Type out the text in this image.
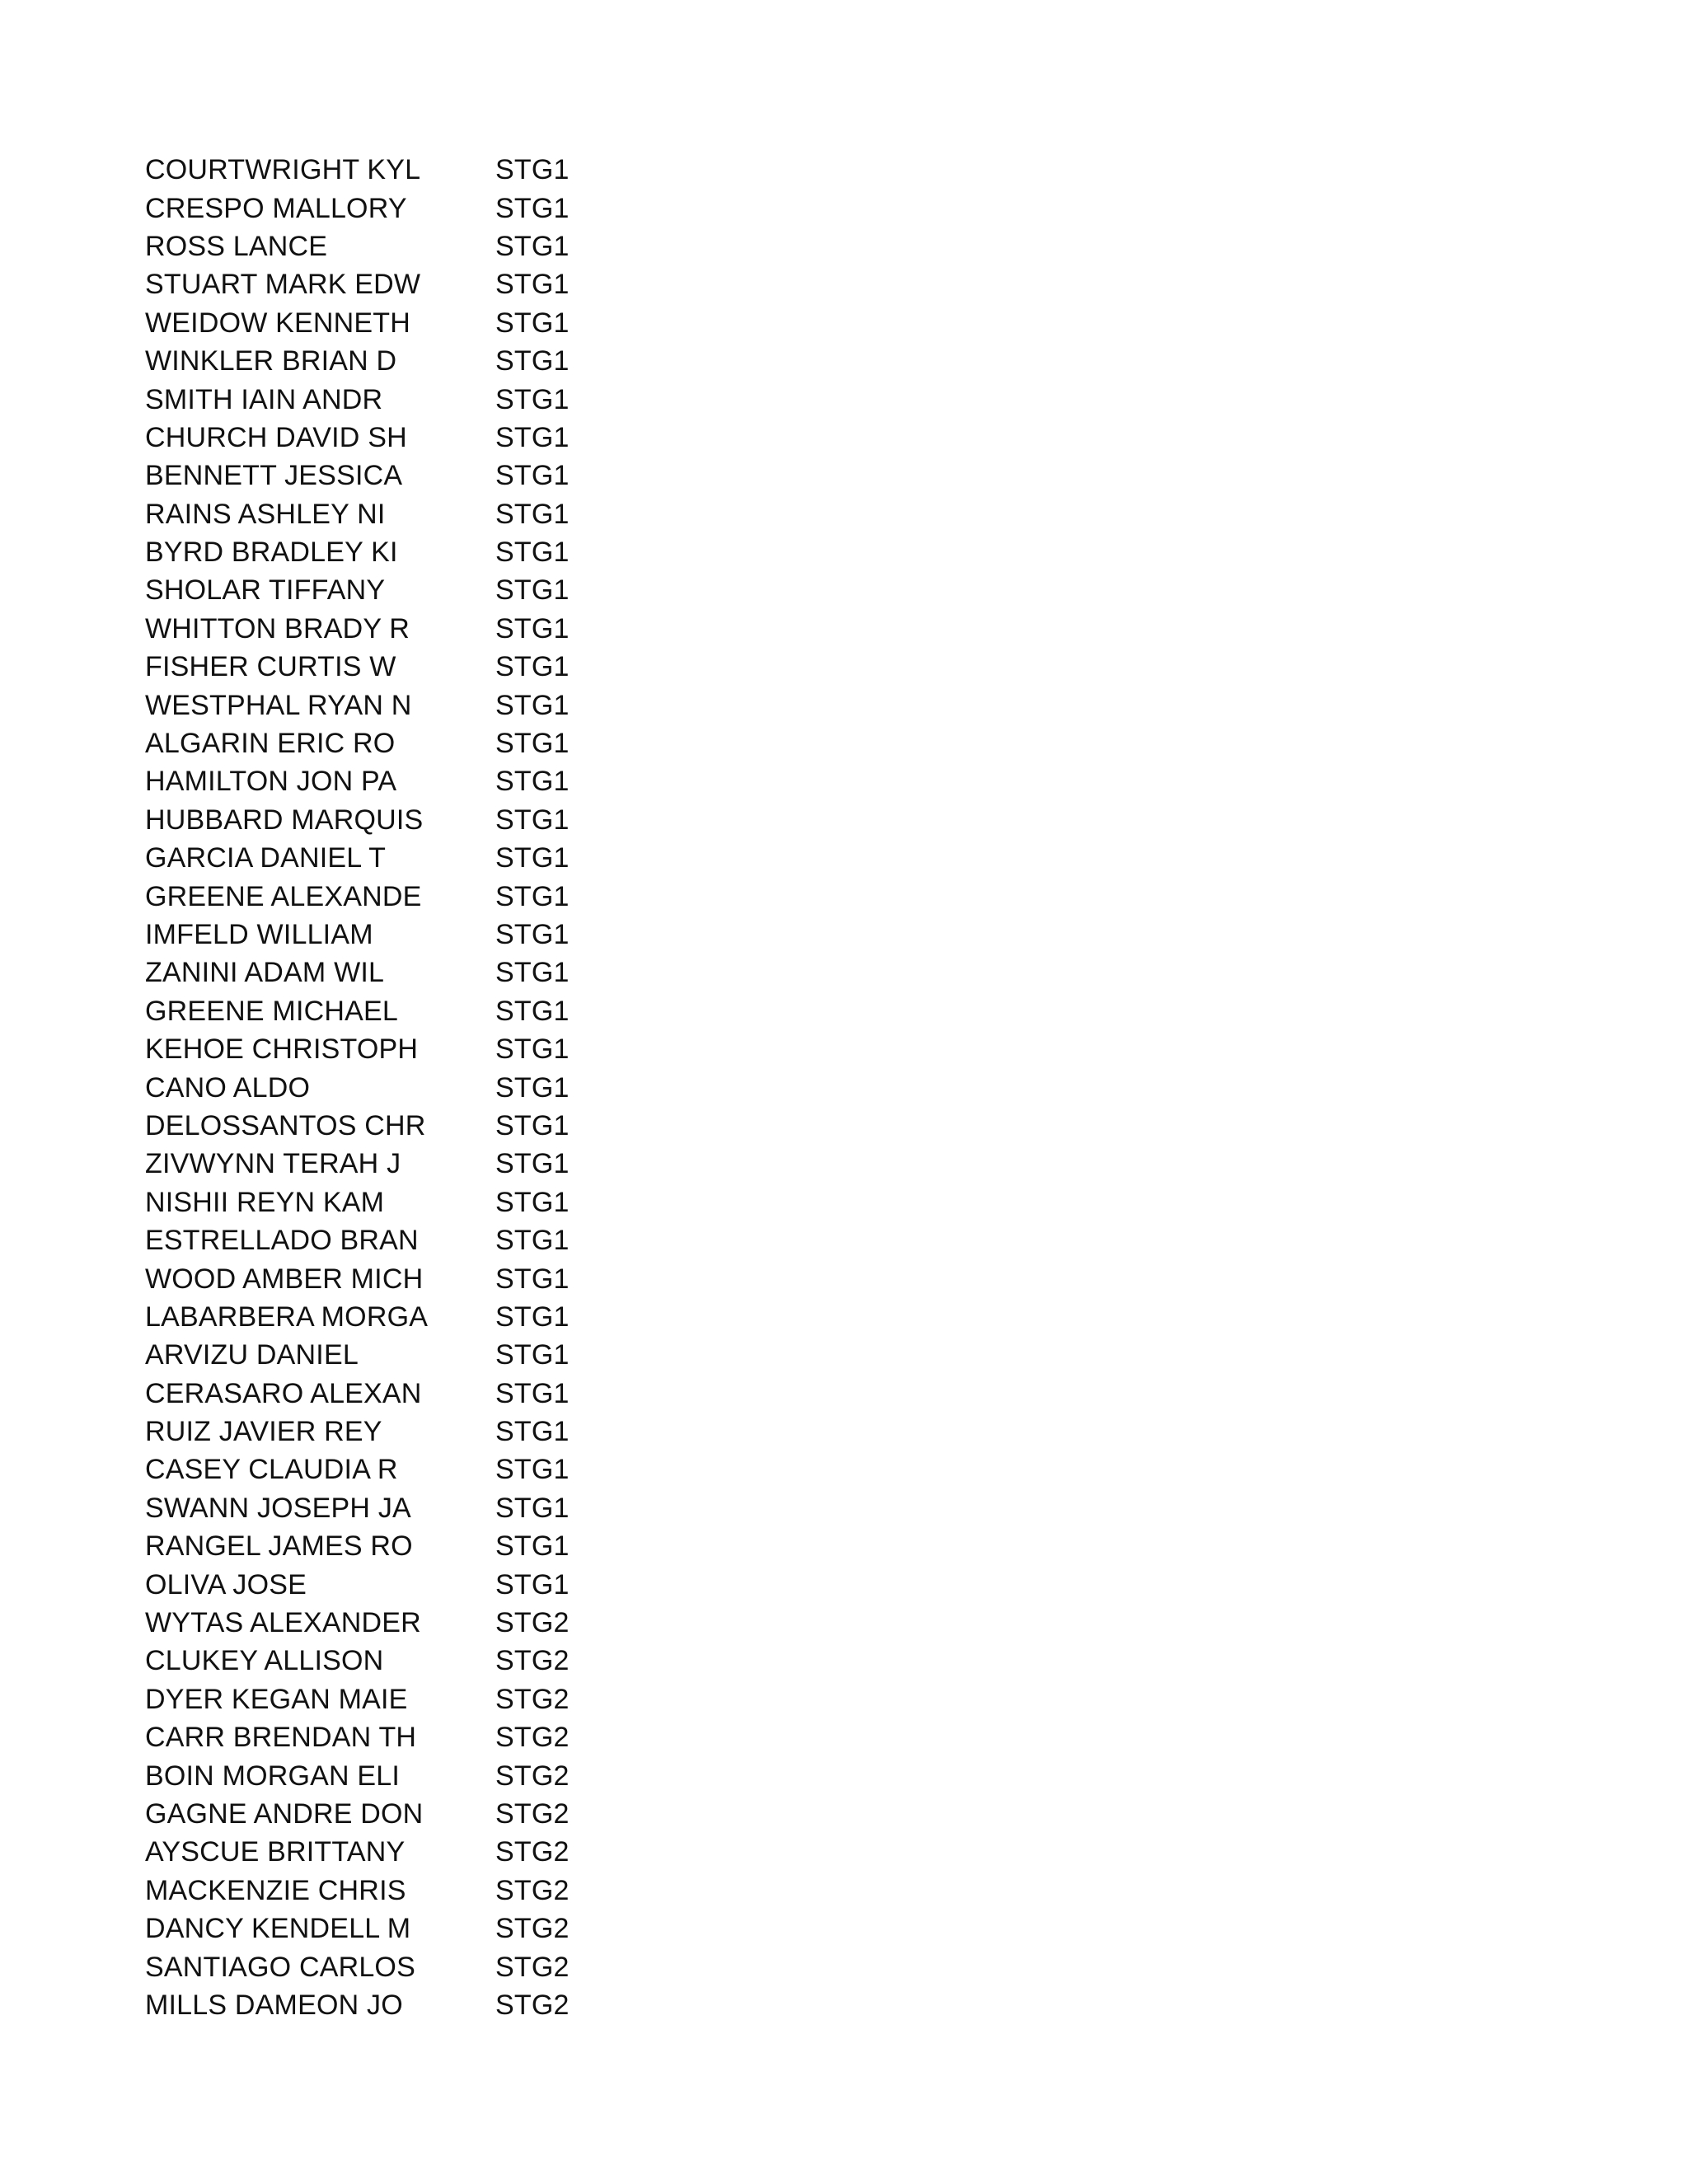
COURTWRIGHT KYL	STG1
CRESPO MALLORY	STG1
ROSS LANCE	STG1
STUART MARK EDW	STG1
WEIDOW KENNETH	STG1
WINKLER BRIAN D	STG1
SMITH IAIN ANDR	STG1
CHURCH DAVID SH	STG1
BENNETT JESSICA	STG1
RAINS ASHLEY NI	STG1
BYRD BRADLEY KI	STG1
SHOLAR TIFFANY	STG1
WHITTON BRADY R	STG1
FISHER CURTIS W	STG1
WESTPHAL RYAN N	STG1
ALGARIN ERIC RO	STG1
HAMILTON JON PA	STG1
HUBBARD MARQUIS	STG1
GARCIA DANIEL T	STG1
GREENE ALEXANDE	STG1
IMFELD WILLIAM	STG1
ZANINI ADAM WIL	STG1
GREENE MICHAEL	STG1
KEHOE CHRISTOPH	STG1
CANO ALDO	STG1
DELOSSANTOS CHR	STG1
ZIVWYNN TERAH J	STG1
NISHII REYN KAM	STG1
ESTRELLADO BRAN	STG1
WOOD AMBER MICH	STG1
LABARBERA MORGA	STG1
ARVIZU DANIEL	STG1
CERASARO ALEXAN	STG1
RUIZ JAVIER REY	STG1
CASEY CLAUDIA R	STG1
SWANN JOSEPH JA	STG1
RANGEL JAMES RO	STG1
OLIVA JOSE	STG1
WYTAS ALEXANDER	STG2
CLUKEY ALLISON	STG2
DYER KEGAN MAIE	STG2
CARR BRENDAN TH	STG2
BOIN MORGAN ELI	STG2
GAGNE ANDRE DON	STG2
AYSCUE BRITTANY	STG2
MACKENZIE CHRIS	STG2
DANCY KENDELL M	STG2
SANTIAGO CARLOS	STG2
MILLS DAMEON JO	STG2
